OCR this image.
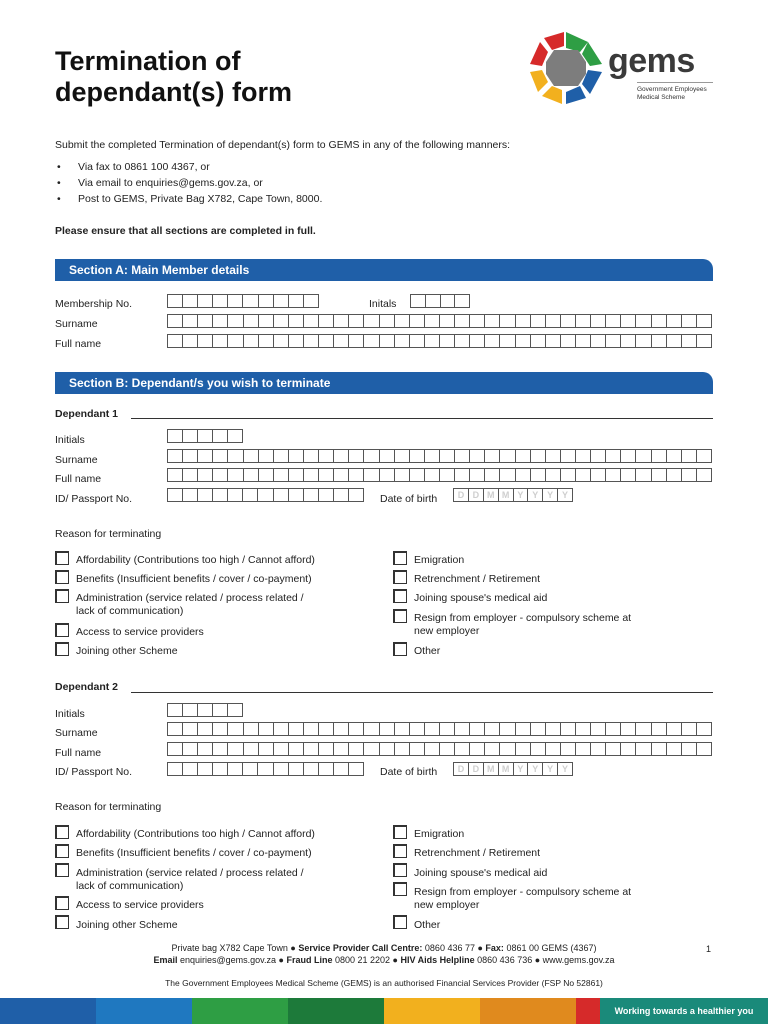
Termination of
dependant(s) form
gems
Government Employees
Medical Scheme
Submit the completed Termination of dependant(s) form to GEMS in any of the following manners:
• Via fax to 0861 100 4367, or
• Via email to enquiries@gems.gov.za, or
• Post to GEMS, Private Bag X782, Cape Town, 8000.
Please ensure that all sections are completed in full.
Section A: Main Member details
Membership No.	Initals
Surname
Full name
Section B: Dependant/s you wish to terminate
Dependant 1
Initials
Surname
Full name
ID/ Passport No.	Date of birth	D D M M Y Y Y Y
Reason for terminating
Affordability (Contributions too high / Cannot afford)
Benefits (Insufficient benefits / cover / co-payment)
Administration (service related / process related /
lack of communication)
Access to service providers
Joining other Scheme
Emigration
Retrenchment / Retirement
Joining spouse's medical aid
Resign from employer - compulsory scheme at
new employer
Other
Dependant 2
Initials
Surname
Full name
ID/ Passport No.	Date of birth	D D M M Y Y Y Y
Reason for terminating
Affordability (Contributions too high / Cannot afford)
Benefits (Insufficient benefits / cover / co-payment)
Administration (service related / process related /
lack of communication)
Access to service providers
Joining other Scheme
Emigration
Retrenchment / Retirement
Joining spouse's medical aid
Resign from employer - compulsory scheme at
new employer
Other
Private bag X782 Cape Town ● Service Provider Call Centre: 0860 436 77 ● Fax: 0861 00 GEMS (4367)
Email enquiries@gems.gov.za ● Fraud Line 0800 21 2202 ● HIV Aids Helpline 0860 436 736 ● www.gems.gov.za
1
The Government Employees Medical Scheme (GEMS) is an authorised Financial Services Provider (FSP No 52861)
Working towards a healthier you
